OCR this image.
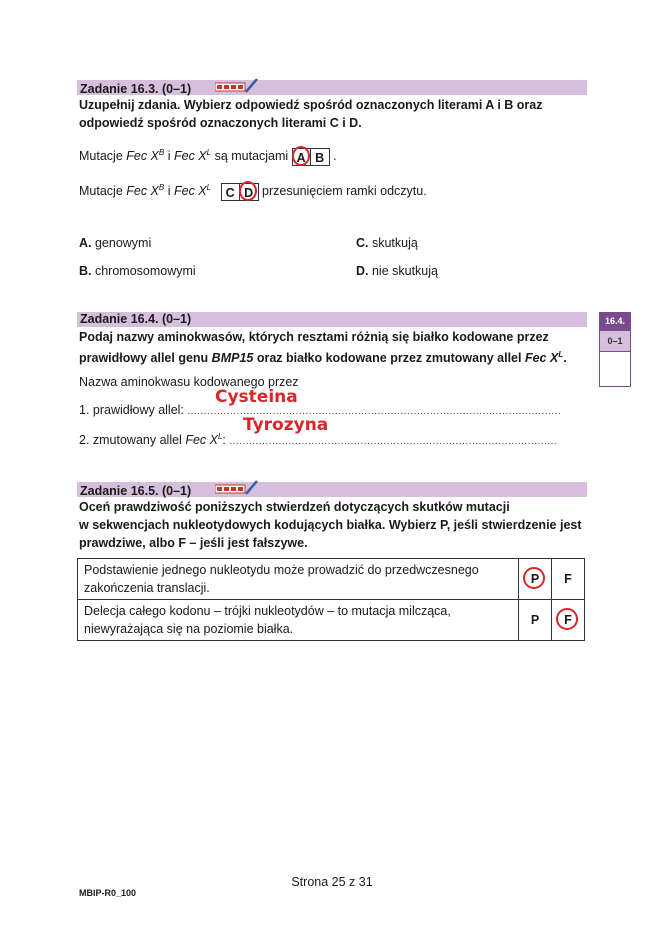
Zadanie 16.3. (0–1)
Uzupełnij zdania. Wybierz odpowiedź spośród oznaczonych literami A i B oraz
odpowiedź spośród oznaczonych literami C i D.
Mutacje Fec $X^B$ i Fec $X^L$ są mutacjami A B .
Mutacje Fec $X^B$ i Fec $X^L$	C D przesunięciem ramki odczytu.
A. genowymi
B. chromosomowymi
C. skutkują
D. nie skutkują
Zadanie 16.4. (0–1)
Podaj nazwy aminokwasów, których resztami różnią się białko kodowane przez
prawidłowy allel genu BMP15 oraz białko kodowane przez zmutowany allel Fec $X^L$.
Nazwa aminokwasu kodowanego przez
Cysteina
1. prawidłowy allel: ..................................................................................................................
Tyrozyna
2. zmutowany allel Fec $X^L$: ....................................................................................................
16.4.
0–1
Zadanie 16.5. (0–1)
Oceń prawdziwość poniższych stwierdzeń dotyczących skutków mutacji
w sekwencjach nukleotydowych kodujących białka. Wybierz P, jeśli stwierdzenie jest
prawdziwe, albo F – jeśli jest fałszywe.
Podstawienie jednego nukleotydu może prowadzić do przedwczesnego
zakończenia translacji.	P	F

Delecja całego kodonu – trójki nukleotydów – to mutacja milcząca,
niewyrażająca się na poziomie białka.	P	F
Strona 25 z 31
MBIP-R0_100
